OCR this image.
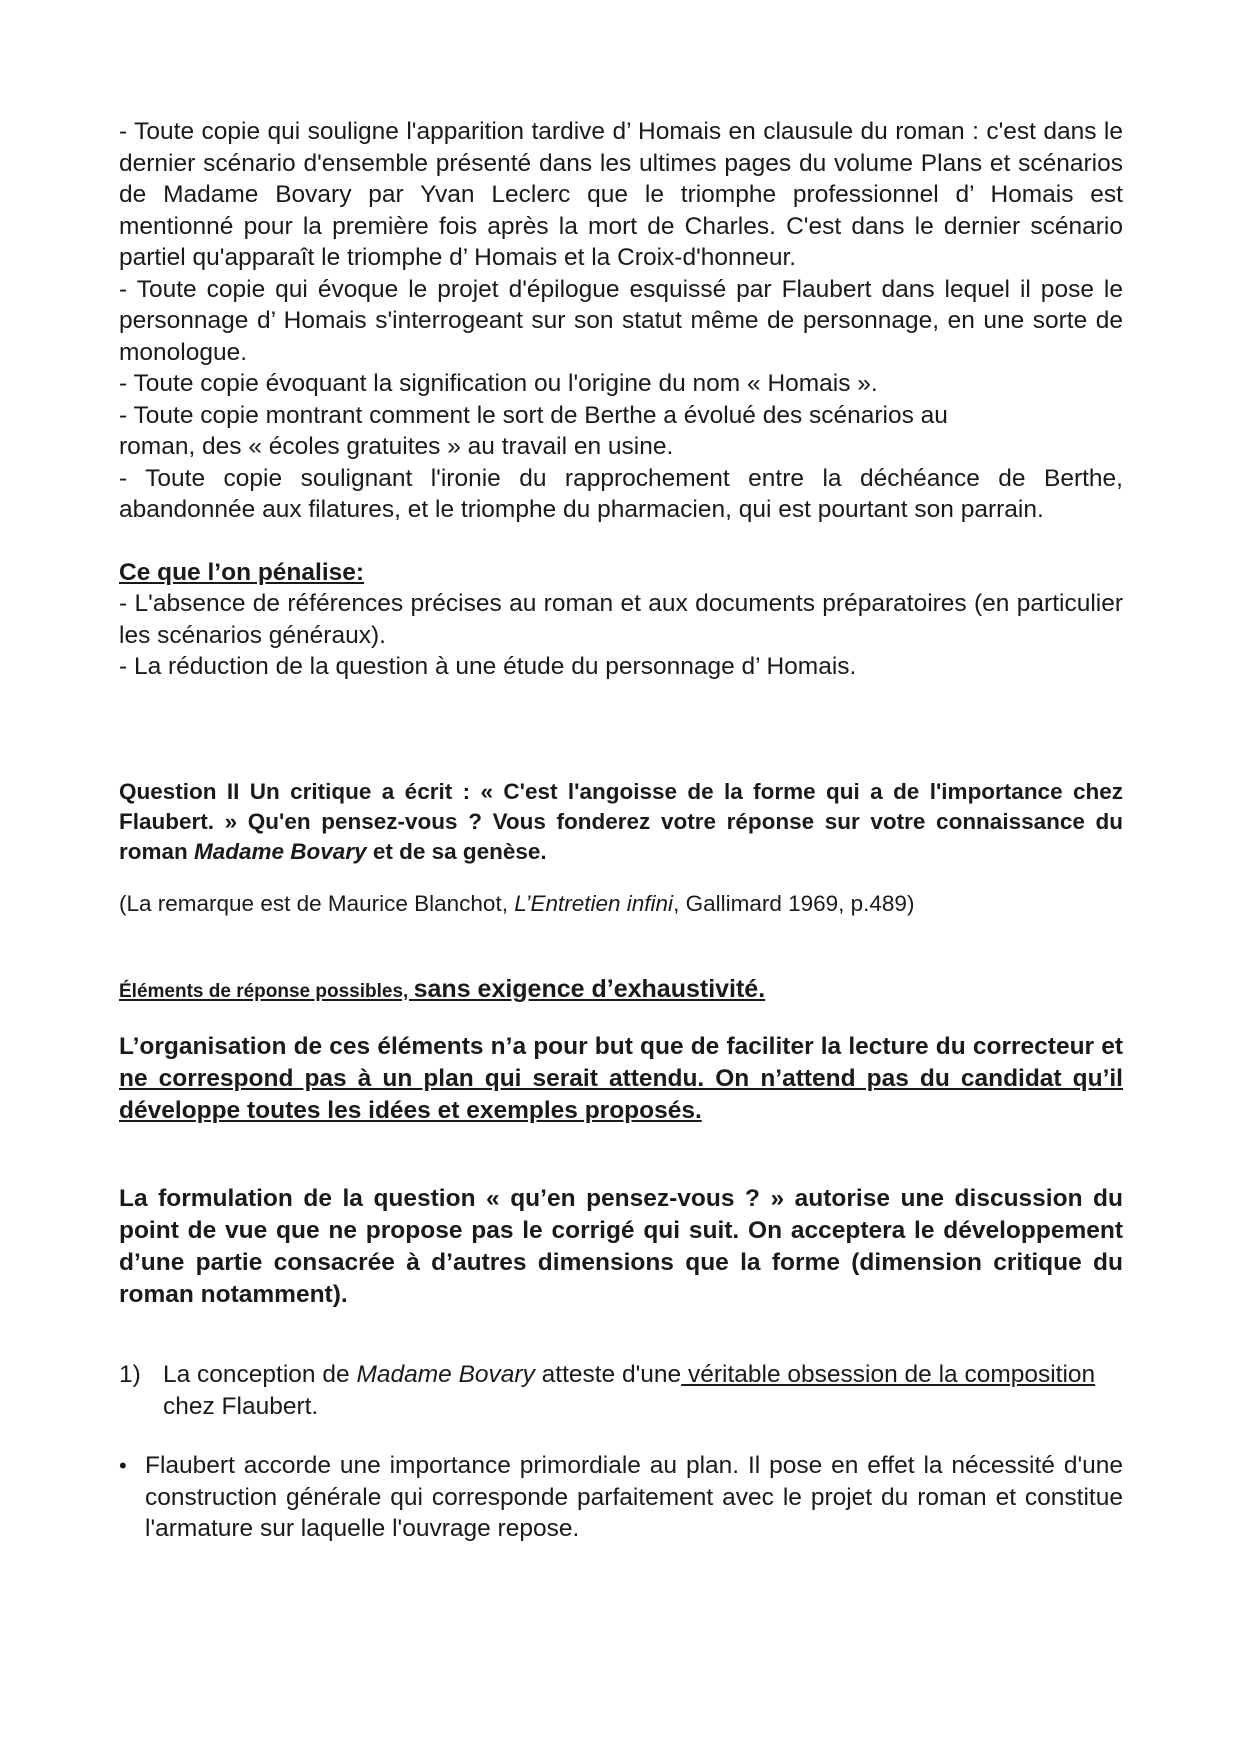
- Toute copie qui souligne l'apparition tardive d’ Homais en clausule du roman : c'est dans le dernier scénario d'ensemble présenté dans les ultimes pages du volume Plans et scénarios de Madame Bovary par Yvan Leclerc que le triomphe professionnel d’ Homais est mentionné pour la première fois après la mort de Charles. C'est dans le dernier scénario partiel qu'apparaît le triomphe d’ Homais et la Croix-d'honneur.

- Toute copie qui évoque le projet d'épilogue esquissé par Flaubert dans lequel il pose le personnage d’ Homais s'interrogeant sur son statut même de personnage, en une sorte de monologue.

- Toute copie évoquant la signification ou l'origine du nom « Homais ».

- Toute copie montrant comment le sort de Berthe a évolué des scénarios au

roman, des « écoles gratuites » au travail en usine.

- Toute copie soulignant l'ironie du rapprochement entre la déchéance de Berthe, abandonnée aux filatures, et le triomphe du pharmacien, qui est pourtant son parrain.

Ce que l’on pénalise:

- L'absence de références précises au roman et aux documents préparatoires (en particulier les scénarios généraux).

- La réduction de la question à une étude du personnage d’ Homais.

Question II Un critique a écrit : « C'est l'angoisse de la forme qui a de l'importance chez Flaubert. » Qu'en pensez-vous ? Vous fonderez votre réponse sur votre connaissance du roman Madame Bovary et de sa genèse.

(La remarque est de Maurice Blanchot, L’Entretien infini, Gallimard 1969, p.489)

Éléments de réponse possibles, sans exigence d’exhaustivité.

L’organisation de ces éléments n’a pour but que de faciliter la lecture du correcteur et ne correspond pas à un plan qui serait attendu. On n’attend pas du candidat qu’il développe toutes les idées et exemples proposés.

La formulation de la question « qu’en pensez-vous ? » autorise une discussion du point de vue que ne propose pas le corrigé qui suit. On acceptera le développement d’une partie consacrée à d’autres dimensions que la forme (dimension critique du roman notamment).

1) La conception de Madame Bovary atteste d'une véritable obsession de la composition
chez Flaubert.
• Flaubert accorde une importance primordiale au plan. Il pose en effet la nécessité d'une construction générale qui corresponde parfaitement avec le projet du roman et constitue l'armature sur laquelle l'ouvrage repose.
